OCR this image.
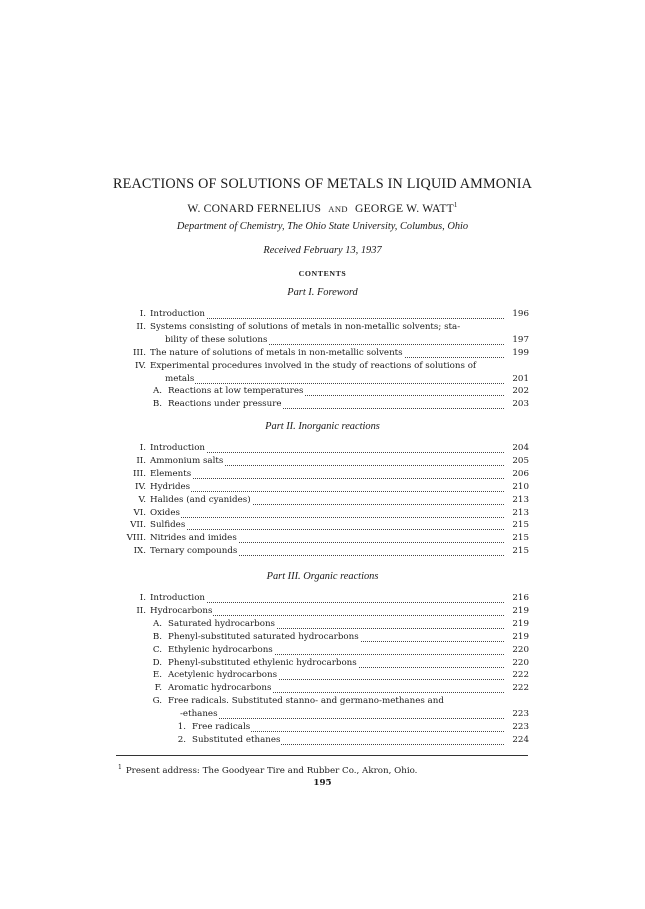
REACTIONS OF SOLUTIONS OF METALS IN LIQUID AMMONIA
W. CONARD FERNELIUS AND GEORGE W. WATT$^1$
Department of Chemistry, The Ohio State University, Columbus, Ohio
Received February 13, 1937
CONTENTS
$^1$ Present address: The Goodyear Tire and Rubber Co., Akron, Ohio.
195
Part I. Foreword
I. Introduction	196
II. Systems consisting of solutions of metals in non-metallic solvents; sta-
bility of these solutions	197
III. The nature of solutions of metals in non-metallic solvents	199
IV. Experimental procedures involved in the study of reactions of solutions of
metals	201
A. Reactions at low temperatures	202
B. Reactions under pressure	203
Part II. Inorganic reactions
I. Introduction	204
II. Ammonium salts	205
III. Elements	206
IV. Hydrides	210
V. Halides (and cyanides)	213
VI. Oxides	213
VII. Sulfides	215
VIII. Nitrides and imides	215
IX. Ternary compounds	215
Part III. Organic reactions
I. Introduction	216
II. Hydrocarbons	219
A. Saturated hydrocarbons	219
B. Phenyl-substituted saturated hydrocarbons	219
C. Ethylenic hydrocarbons	220
D. Phenyl-substituted ethylenic hydrocarbons	220
E. Acetylenic hydrocarbons	222
F. Aromatic hydrocarbons	222
G. Free radicals. Substituted stanno- and germano-methanes and
-ethanes	223
1. Free radicals	223
2. Substituted ethanes	224
